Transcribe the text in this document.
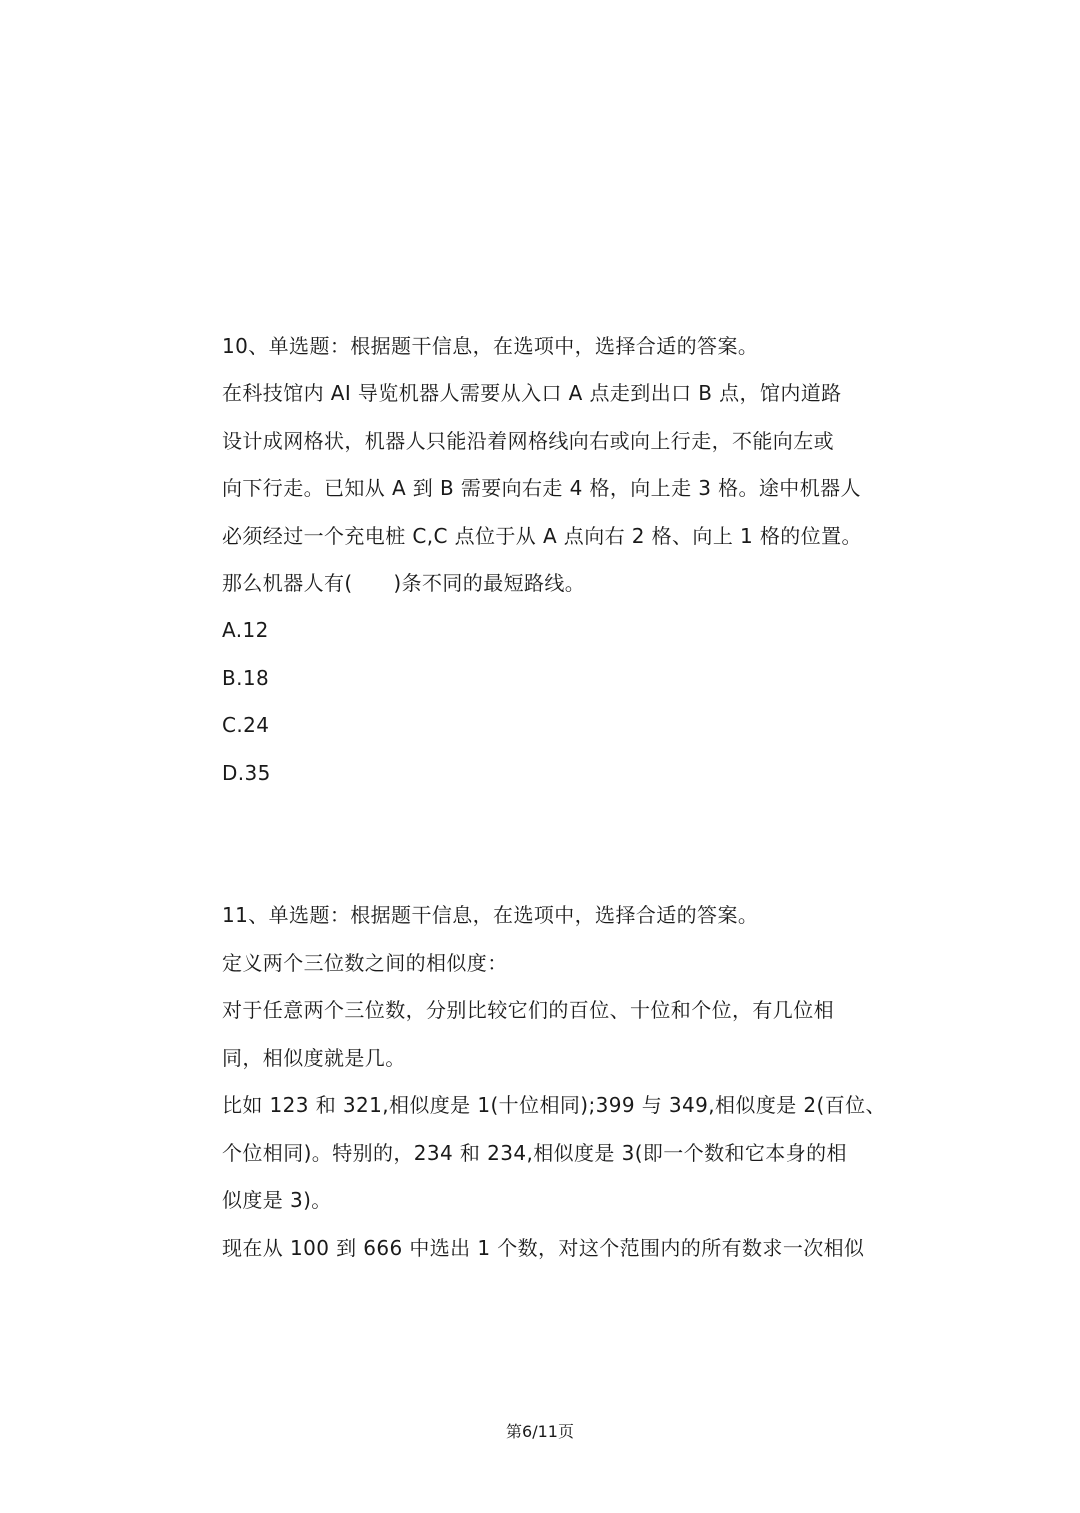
10、单选题：根据题干信息，在选项中，选择合适的答案。
在科技馆内 AI 导览机器人需要从入口 A 点走到出口 B 点，馆内道路
设计成网格状，机器人只能沿着网格线向右或向上行走，不能向左或
向下行走。已知从 A 到 B 需要向右走 4 格，向上走 3 格。途中机器人
必须经过一个充电桩 C,C 点位于从 A 点向右 2 格、向上 1 格的位置。
那么机器人有(　　)条不同的最短路线。
A.12
B.18
C.24
D.35
11、单选题：根据题干信息，在选项中，选择合适的答案。
定义两个三位数之间的相似度：
对于任意两个三位数，分别比较它们的百位、十位和个位，有几位相
同，相似度就是几。
比如 123 和 321,相似度是 1(十位相同);399 与 349,相似度是 2(百位、
个位相同)。特别的，234 和 234,相似度是 3(即一个数和它本身的相
似度是 3)。
现在从 100 到 666 中选出 1 个数，对这个范围内的所有数求一次相似
第6/11页
